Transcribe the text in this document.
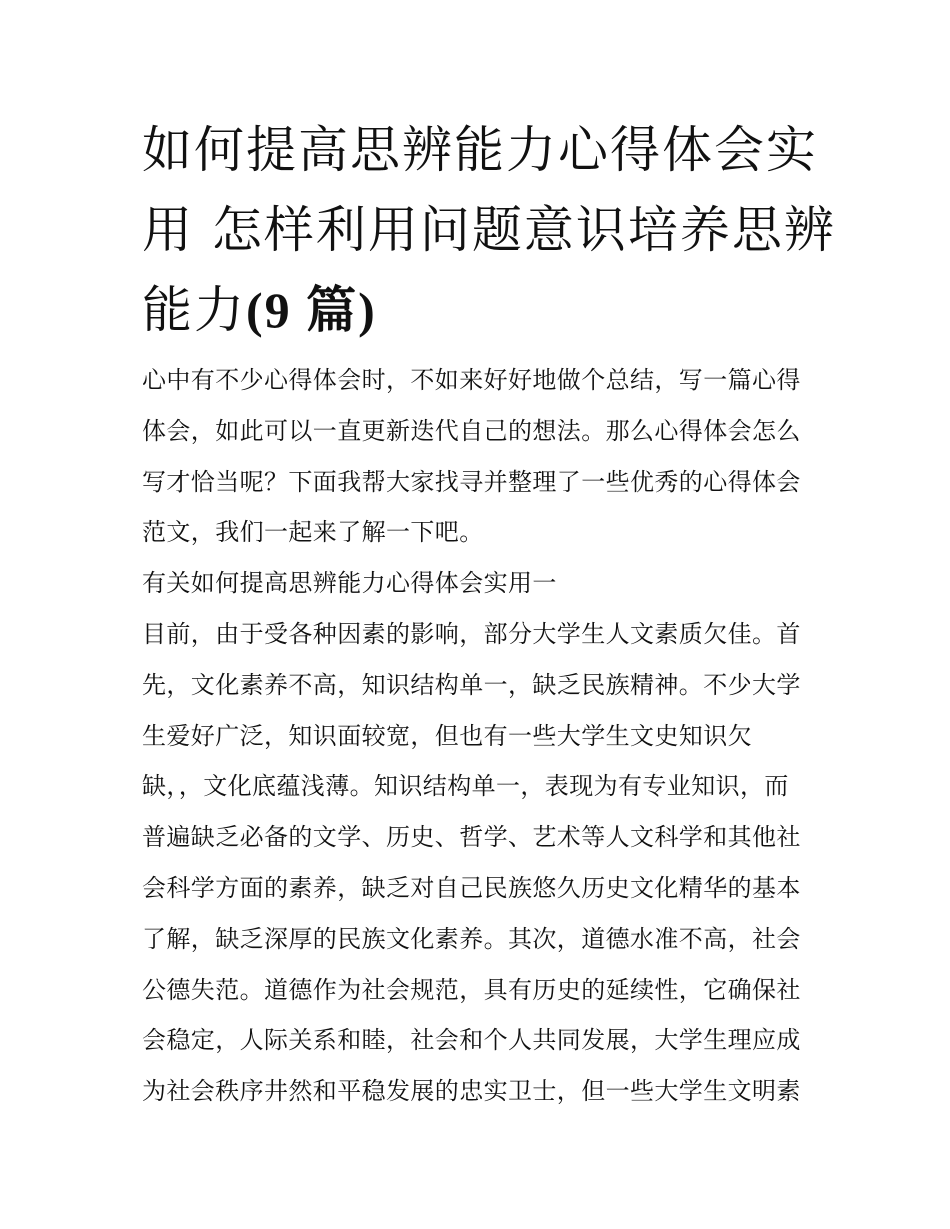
如何提高思辨能力心得体会实
用 怎样利用问题意识培养思辨
能力(9 篇)
心中有不少心得体会时，不如来好好地做个总结，写一篇心得
体会，如此可以一直更新迭代自己的想法。那么心得体会怎么
写才恰当呢？下面我帮大家找寻并整理了一些优秀的心得体会
范文，我们一起来了解一下吧。
有关如何提高思辨能力心得体会实用一
目前，由于受各种因素的影响，部分大学生人文素质欠佳。首
先，文化素养不高，知识结构单一，缺乏民族精神。不少大学
生爱好广泛，知识面较宽，但也有一些大学生文史知识欠
缺，，文化底蕴浅薄。知识结构单一，表现为有专业知识，而
普遍缺乏必备的文学、历史、哲学、艺术等人文科学和其他社
会科学方面的素养，缺乏对自己民族悠久历史文化精华的基本
了解，缺乏深厚的民族文化素养。其次，道德水准不高，社会
公德失范。道德作为社会规范，具有历史的延续性，它确保社
会稳定，人际关系和睦，社会和个人共同发展，大学生理应成
为社会秩序井然和平稳发展的忠实卫士，但一些大学生文明素
